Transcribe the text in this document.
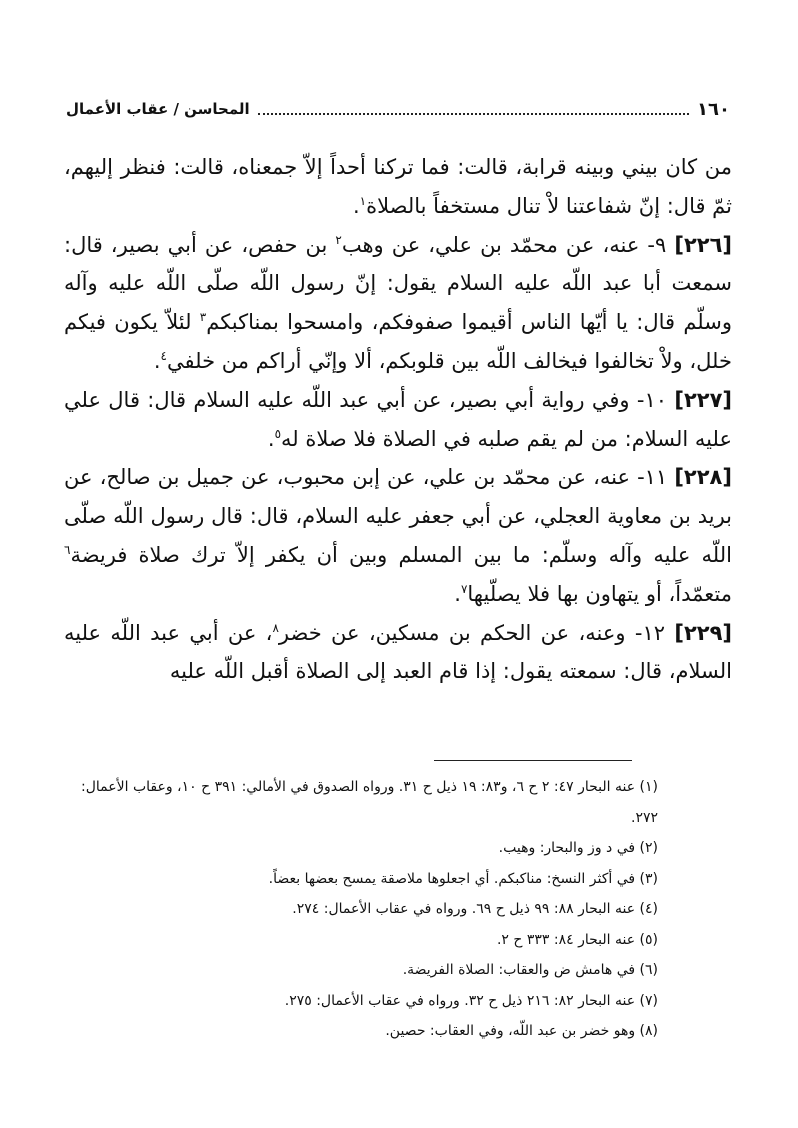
١٦٠
المحاسن / عقاب الأعمال

من كان بيني وبينه قرابة، قالت: فما تركنا أحداً إلاّ جمعناه، قالت: فنظر إليهم، ثمّ قال: إنّ شفاعتنا لاْ تنال مستخفاً بالصلاة$^١$.

[٢٢٦] ٩- عنه، عن محمّد بن علي، عن وهب$^٢$ بن حفص، عن أبي بصير، قال: سمعت أبا عبد اللّه عليه السلام يقول: إنّ رسول اللّه صلّى اللّه عليه وآله وسلّم قال: يا أيّها الناس أقيموا صفوفكم، وامسحوا بمناكبكم$^٣$ لئلاّ يكون فيكم خلل، ولاْ تخالفوا فيخالف اللّه بين قلوبكم، ألا وإنّي أراكم من خلفي$^٤$.

[٢٢٧] ١٠- وفي رواية أبي بصير، عن أبي عبد اللّه عليه السلام قال: قال علي عليه السلام: من لم يقم صلبه في الصلاة فلا صلاة له$^٥$.

[٢٢٨] ١١- عنه، عن محمّد بن علي، عن إبن محبوب، عن جميل بن صالح، عن بريد بن معاوية العجلي، عن أبي جعفر عليه السلام، قال: قال رسول اللّه صلّى اللّه عليه وآله وسلّم: ما بين المسلم وبين أن يكفر إلاّ ترك صلاة فريضة$^٦$ متعمّداً، أو يتهاون بها فلا يصلّيها$^٧$.

[٢٢٩] ١٢- وعنه، عن الحكم بن مسكين، عن خضر$^٨$، عن أبي عبد اللّه عليه السلام، قال: سمعته يقول: إذا قام العبد إلى الصلاة أقبل اللّه عليه

(١) عنه البحار ٤٧: ٢ ح ٦، و٨٣: ١٩ ذيل ح ٣١. ورواه الصدوق في الأمالي: ٣٩١ ح ١٠، وعقاب الأعمال: ٢٧٢.
(٢) في د وز والبحار: وهيب.
(٣) في أكثر النسخ: مناكبكم. أي اجعلوها ملاصقة يمسح بعضها بعضاً.
(٤) عنه البحار ٨٨: ٩٩ ذيل ح ٦٩. ورواه في عقاب الأعمال: ٢٧٤.
(٥) عنه البحار ٨٤: ٣٣٣ ح ٢.
(٦) في هامش ض والعقاب: الصلاة الفريضة.
(٧) عنه البحار ٨٢: ٢١٦ ذيل ح ٣٢. ورواه في عقاب الأعمال: ٢٧٥.
(٨) وهو خضر بن عبد اللّه، وفي العقاب: حصين.
